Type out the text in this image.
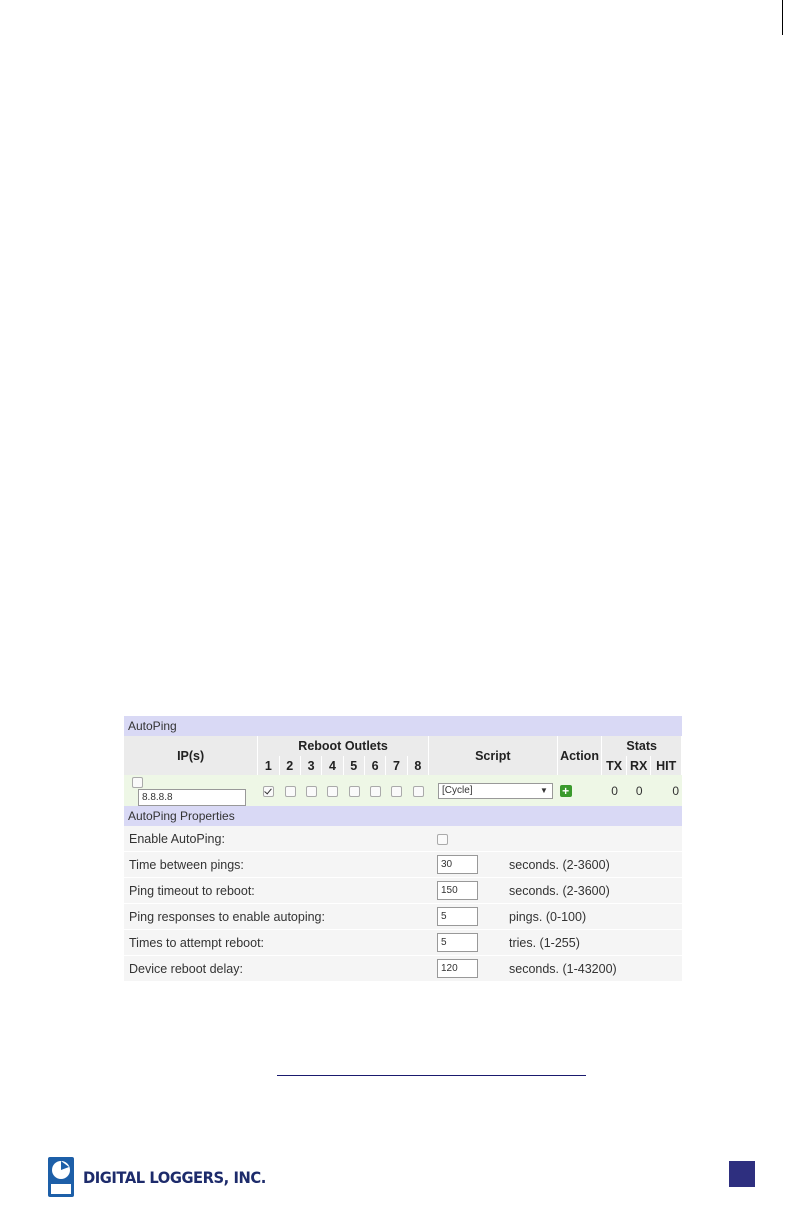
AutoPing
IP(s)	Reboot Outlets								Script	Action	Stats		
	1	2	3	4	5	6	7	8			TX	RX	HIT
8.8.8.8									[Cycle] ▼	+	0	0	0
AutoPing Properties
Enable AutoPing:		
Time between pings:	30	seconds. (2-3600)
Ping timeout to reboot:	150	seconds. (2-3600)
Ping responses to enable autoping:	5	pings. (0-100)
Times to attempt reboot:	5	tries. (1-255)
Device reboot delay:	120	seconds. (1-43200)
DIGITAL LOGGERS, INC.
